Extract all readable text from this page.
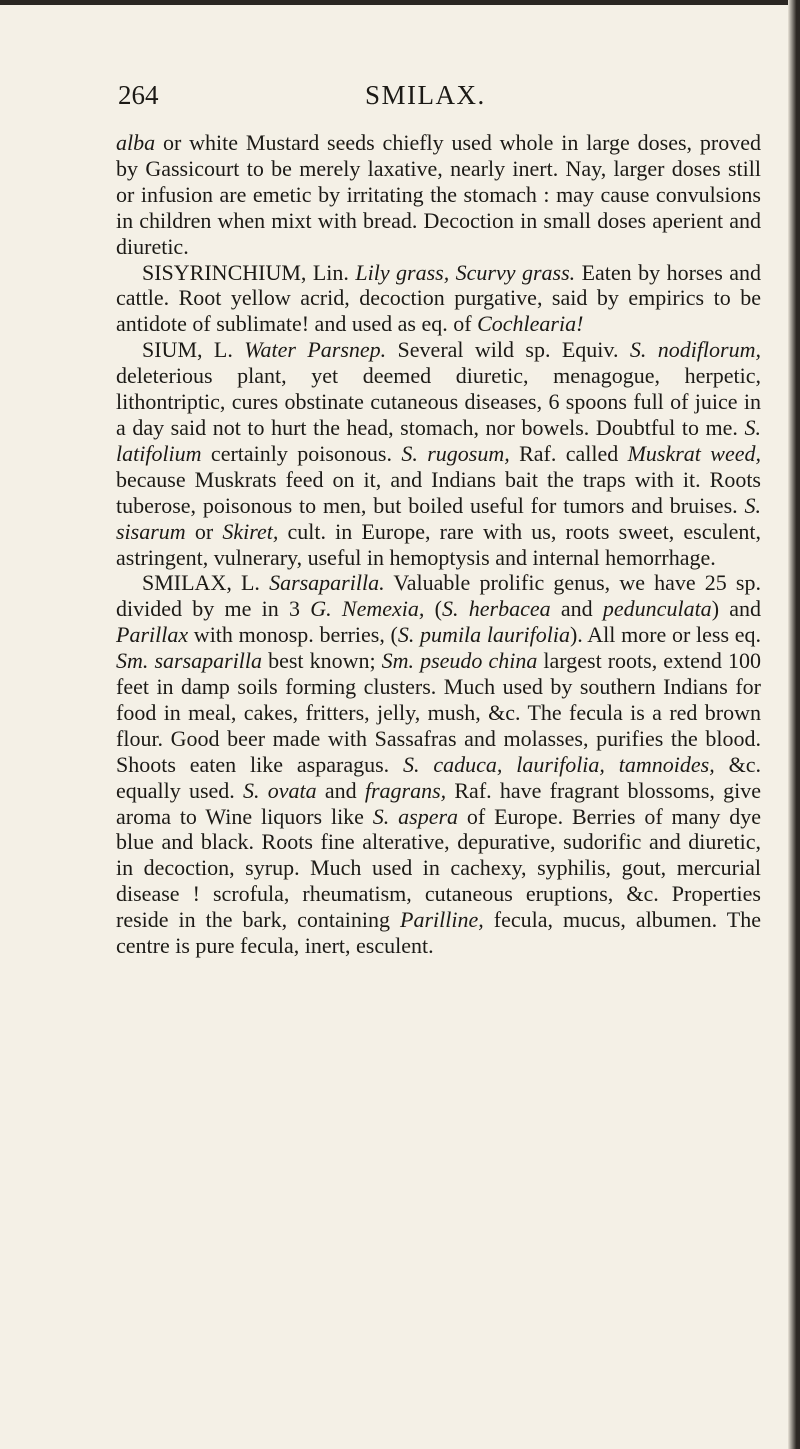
264	SMILAX.

alba or white Mustard seeds chiefly used whole in large doses, proved by Gassicourt to be merely laxative, nearly inert. Nay, larger doses still or infusion are emetic by irritating the stomach : may cause convulsions in children when mixt with bread. Decoction in small doses aperient and diuretic.

SISYRINCHIUM, Lin. Lily grass, Scurvy grass. Eaten by horses and cattle. Root yellow acrid, decoction purgative, said by empirics to be antidote of sublimate! and used as eq. of Cochlearia!

SIUM, L. Water Parsnep. Several wild sp. Equiv. S. nodiflorum, deleterious plant, yet deemed diuretic, menagogue, herpetic, lithontriptic, cures obstinate cutaneous diseases, 6 spoons full of juice in a day said not to hurt the head, stomach, nor bowels. Doubtful to me. S. latifolium certainly poisonous. S. rugosum, Raf. called Muskrat weed, because Muskrats feed on it, and Indians bait the traps with it. Roots tuberose, poisonous to men, but boiled useful for tumors and bruises. S. sisarum or Skiret, cult. in Europe, rare with us, roots sweet, esculent, astringent, vulnerary, useful in hemoptysis and internal hemorrhage.

SMILAX, L. Sarsaparilla. Valuable prolific genus, we have 25 sp. divided by me in 3 G. Nemexia, (S. herbacea and pedunculata) and Parillax with monosp. berries, (S. pumila laurifolia). All more or less eq. Sm. sarsaparilla best known; Sm. pseudo china largest roots, extend 100 feet in damp soils forming clusters. Much used by southern Indians for food in meal, cakes, fritters, jelly, mush, &c. The fecula is a red brown flour. Good beer made with Sassafras and molasses, purifies the blood. Shoots eaten like asparagus. S. caduca, laurifolia, tamnoides, &c. equally used. S. ovata and fragrans, Raf. have fragrant blossoms, give aroma to Wine liquors like S. aspera of Europe. Berries of many dye blue and black. Roots fine alterative, depurative, sudorific and diuretic, in decoction, syrup. Much used in cachexy, syphilis, gout, mercurial disease ! scrofula, rheumatism, cutaneous eruptions, &c. Properties reside in the bark, containing Parilline, fecula, mucus, albumen. The centre is pure fecula, inert, esculent.
